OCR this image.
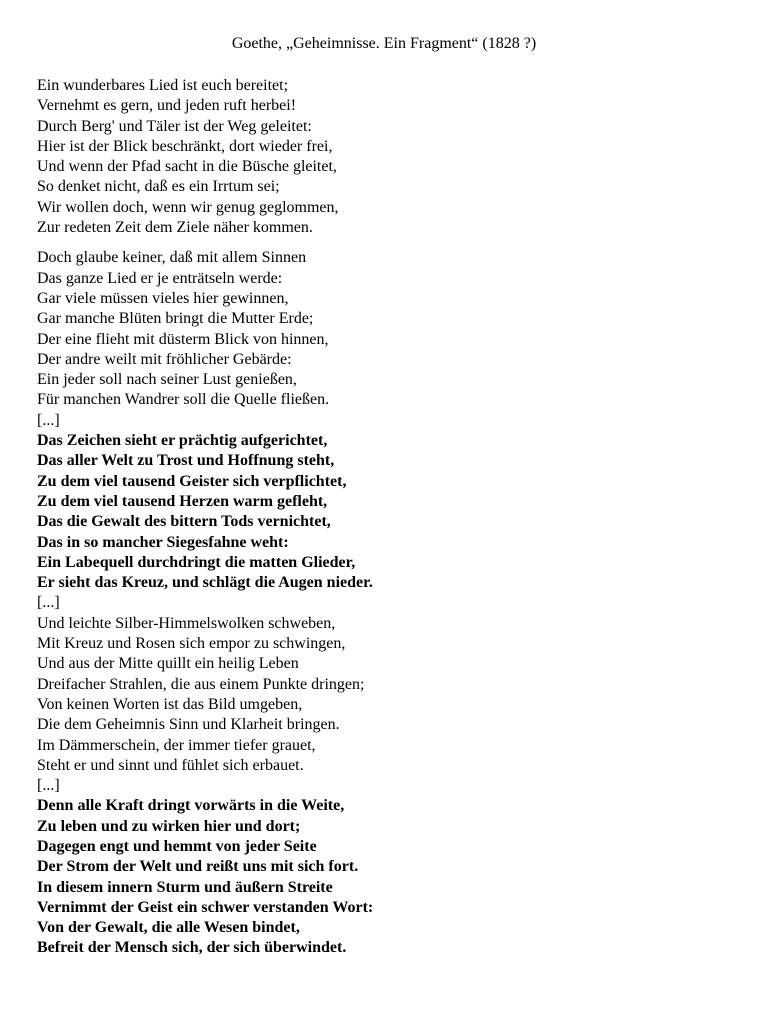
Goethe, „Geheimnisse. Ein Fragment“ (1828 ?)
Ein wunderbares Lied ist euch bereitet;
Vernehmt es gern, und jeden ruft herbei!
Durch Berg' und Täler ist der Weg geleitet:
Hier ist der Blick beschränkt, dort wieder frei,
Und wenn der Pfad sacht in die Büsche gleitet,
So denket nicht, daß es ein Irrtum sei;
Wir wollen doch, wenn wir genug geglommen,
Zur redeten Zeit dem Ziele näher kommen.
Doch glaube keiner, daß mit allem Sinnen
Das ganze Lied er je enträtseln werde:
Gar viele müssen vieles hier gewinnen,
Gar manche Blüten bringt die Mutter Erde;
Der eine flieht mit düsterm Blick von hinnen,
Der andre weilt mit fröhlicher Gebärde:
Ein jeder soll nach seiner Lust genießen,
Für manchen Wandrer soll die Quelle fließen.
[...]
Das Zeichen sieht er prächtig aufgerichtet,
Das aller Welt zu Trost und Hoffnung steht,
Zu dem viel tausend Geister sich verpflichtet,
Zu dem viel tausend Herzen warm gefleht,
Das die Gewalt des bittern Tods vernichtet,
Das in so mancher Siegesfahne weht:
Ein Labequell durchdringt die matten Glieder,
Er sieht das Kreuz, und schlägt die Augen nieder.
[...]
Und leichte Silber-Himmelswolken schweben,
Mit Kreuz und Rosen sich empor zu schwingen,
Und aus der Mitte quillt ein heilig Leben
Dreifacher Strahlen, die aus einem Punkte dringen;
Von keinen Worten ist das Bild umgeben,
Die dem Geheimnis Sinn und Klarheit bringen.
Im Dämmerschein, der immer tiefer grauet,
Steht er und sinnt und fühlet sich erbauet.
[...]
Denn alle Kraft dringt vorwärts in die Weite,
Zu leben und zu wirken hier und dort;
Dagegen engt und hemmt von jeder Seite
Der Strom der Welt und reißt uns mit sich fort.
In diesem innern Sturm und äußern Streite
Vernimmt der Geist ein schwer verstanden Wort:
Von der Gewalt, die alle Wesen bindet,
Befreit der Mensch sich, der sich überwindet.
